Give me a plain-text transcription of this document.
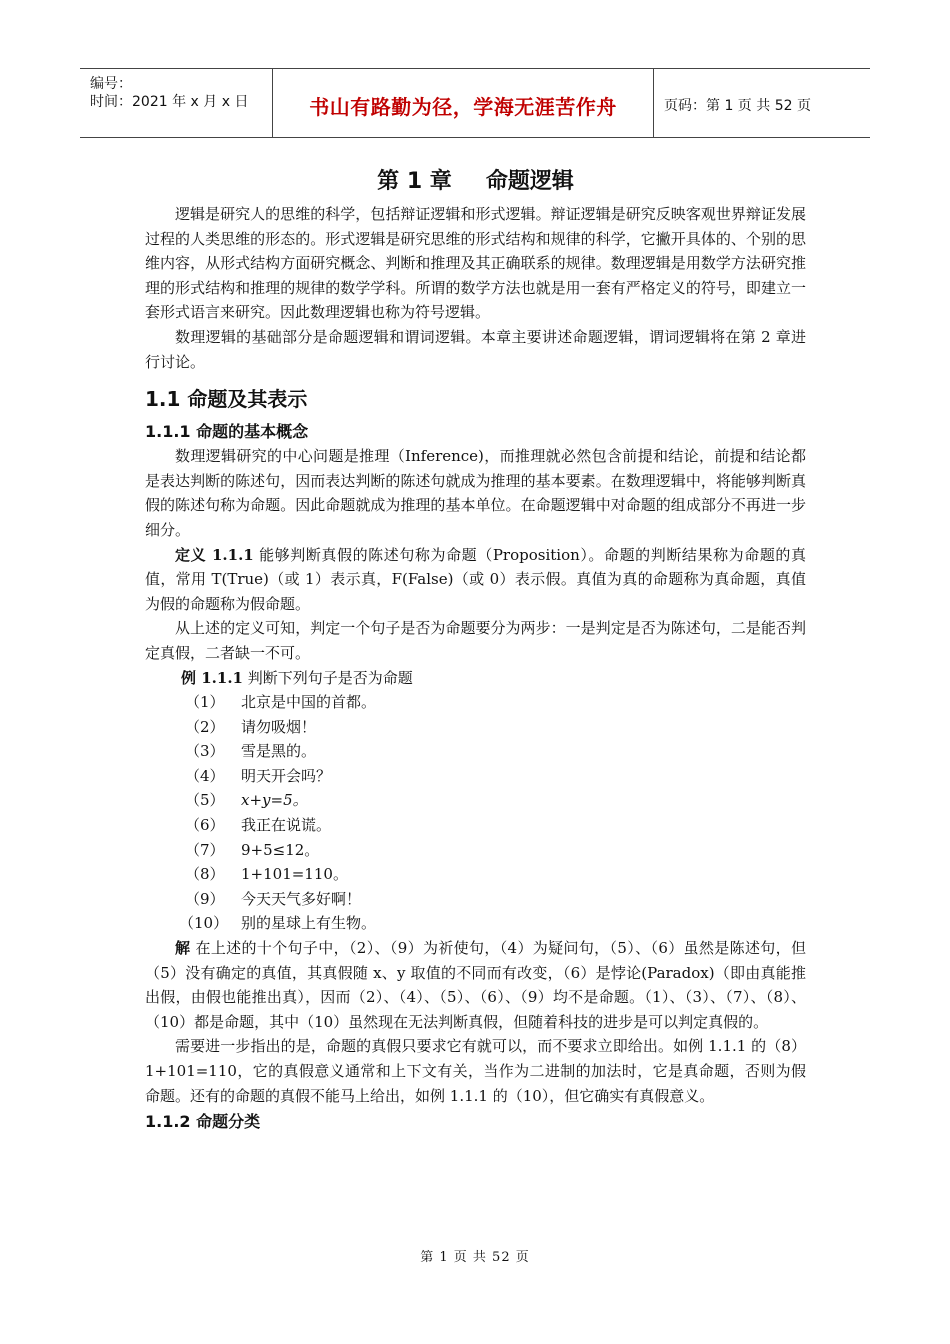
编号：
时间：2021 年 x 月 x 日	书山有路勤为径，学海无涯苦作舟	页码：第 1 页 共 52 页
第 1 章 命题逻辑

逻辑是研究人的思维的科学，包括辩证逻辑和形式逻辑。辩证逻辑是研究反映客观世界辩证发展过程的人类思维的形态的。形式逻辑是研究思维的形式结构和规律的科学，它撇开具体的、个别的思维内容，从形式结构方面研究概念、判断和推理及其正确联系的规律。数理逻辑是用数学方法研究推理的形式结构和推理的规律的数学学科。所谓的数学方法也就是用一套有严格定义的符号，即建立一套形式语言来研究。因此数理逻辑也称为符号逻辑。

数理逻辑的基础部分是命题逻辑和谓词逻辑。本章主要讲述命题逻辑，谓词逻辑将在第 2 章进行讨论。

1.1 命题及其表示
1.1.1 命题的基本概念

数理逻辑研究的中心问题是推理（Inference)，而推理就必然包含前提和结论，前提和结论都是表达判断的陈述句，因而表达判断的陈述句就成为推理的基本要素。在数理逻辑中，将能够判断真假的陈述句称为命题。因此命题就成为推理的基本单位。在命题逻辑中对命题的组成部分不再进一步细分。

定义 1.1.1 能够判断真假的陈述句称为命题（Proposition）。命题的判断结果称为命题的真值，常用 T(True)（或 1）表示真，F(False)（或 0）表示假。真值为真的命题称为真命题，真值为假的命题称为假命题。

从上述的定义可知，判定一个句子是否为命题要分为两步：一是判定是否为陈述句，二是能否判定真假，二者缺一不可。

例 1.1.1 判断下列句子是否为命题
（1）	北京是中国的首都。
（2）	请勿吸烟！
（3）	雪是黑的。
（4）	明天开会吗？
（5）	x+y=5。
（6）	我正在说谎。
（7）	9+5≤12。
（8）	1+101=110。
（9）	今天天气多好啊！
（10） 别的星球上有生物。

解 在上述的十个句子中，（2）、（9）为祈使句，（4）为疑问句，（5）、（6）虽然是陈述句，但（5）没有确定的真值，其真假随 x、y 取值的不同而有改变，（6）是悖论(Paradox)（即由真能推出假，由假也能推出真），因而（2）、（4）、（5）、（6）、（9）均不是命题。（1）、（3）、（7）、（8）、（10）都是命题，其中（10）虽然现在无法判断真假，但随着科技的进步是可以判定真假的。

需要进一步指出的是，命题的真假只要求它有就可以，而不要求立即给出。如例 1.1.1 的（8）1+101=110，它的真假意义通常和上下文有关，当作为二进制的加法时，它是真命题，否则为假命题。还有的命题的真假不能马上给出，如例 1.1.1 的（10），但它确实有真假意义。

1.1.2 命题分类
第 1 页 共 52 页
